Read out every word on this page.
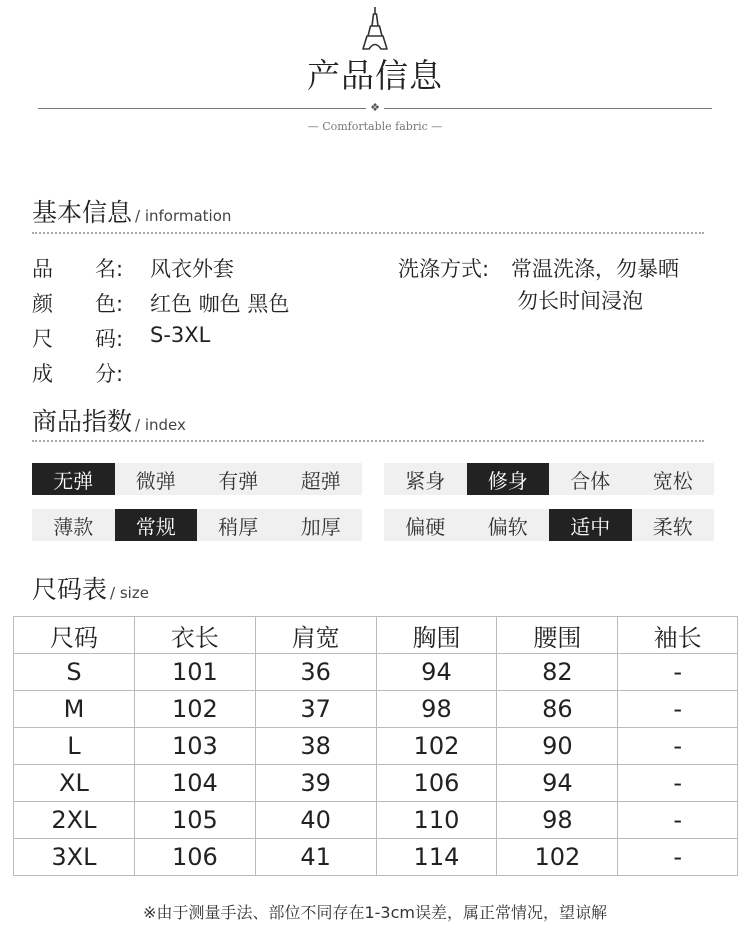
产品信息
❖
— Comfortable fabric —
基本信息 / information
品　　名: 风衣外套
颜　　色: 红色 咖色 黑色
尺　　码: S-3XL
成　　分:
洗涤方式: 常温洗涤，勿暴晒
勿长时间浸泡
商品指数 / index
无弹	微弹	有弹	超弹	紧身	修身	合体	宽松
薄款	常规	稍厚	加厚	偏硬	偏软	适中	柔软
尺码表 / size
尺码	衣长	肩宽	胸围	腰围	袖长
S	101	36	94	82	-
M	102	37	98	86	-
L	103	38	102	90	-
XL	104	39	106	94	-
2XL	105	40	110	98	-
3XL	106	41	114	102	-
※由于测量手法、部位不同存在1-3cm误差，属正常情况，望谅解
